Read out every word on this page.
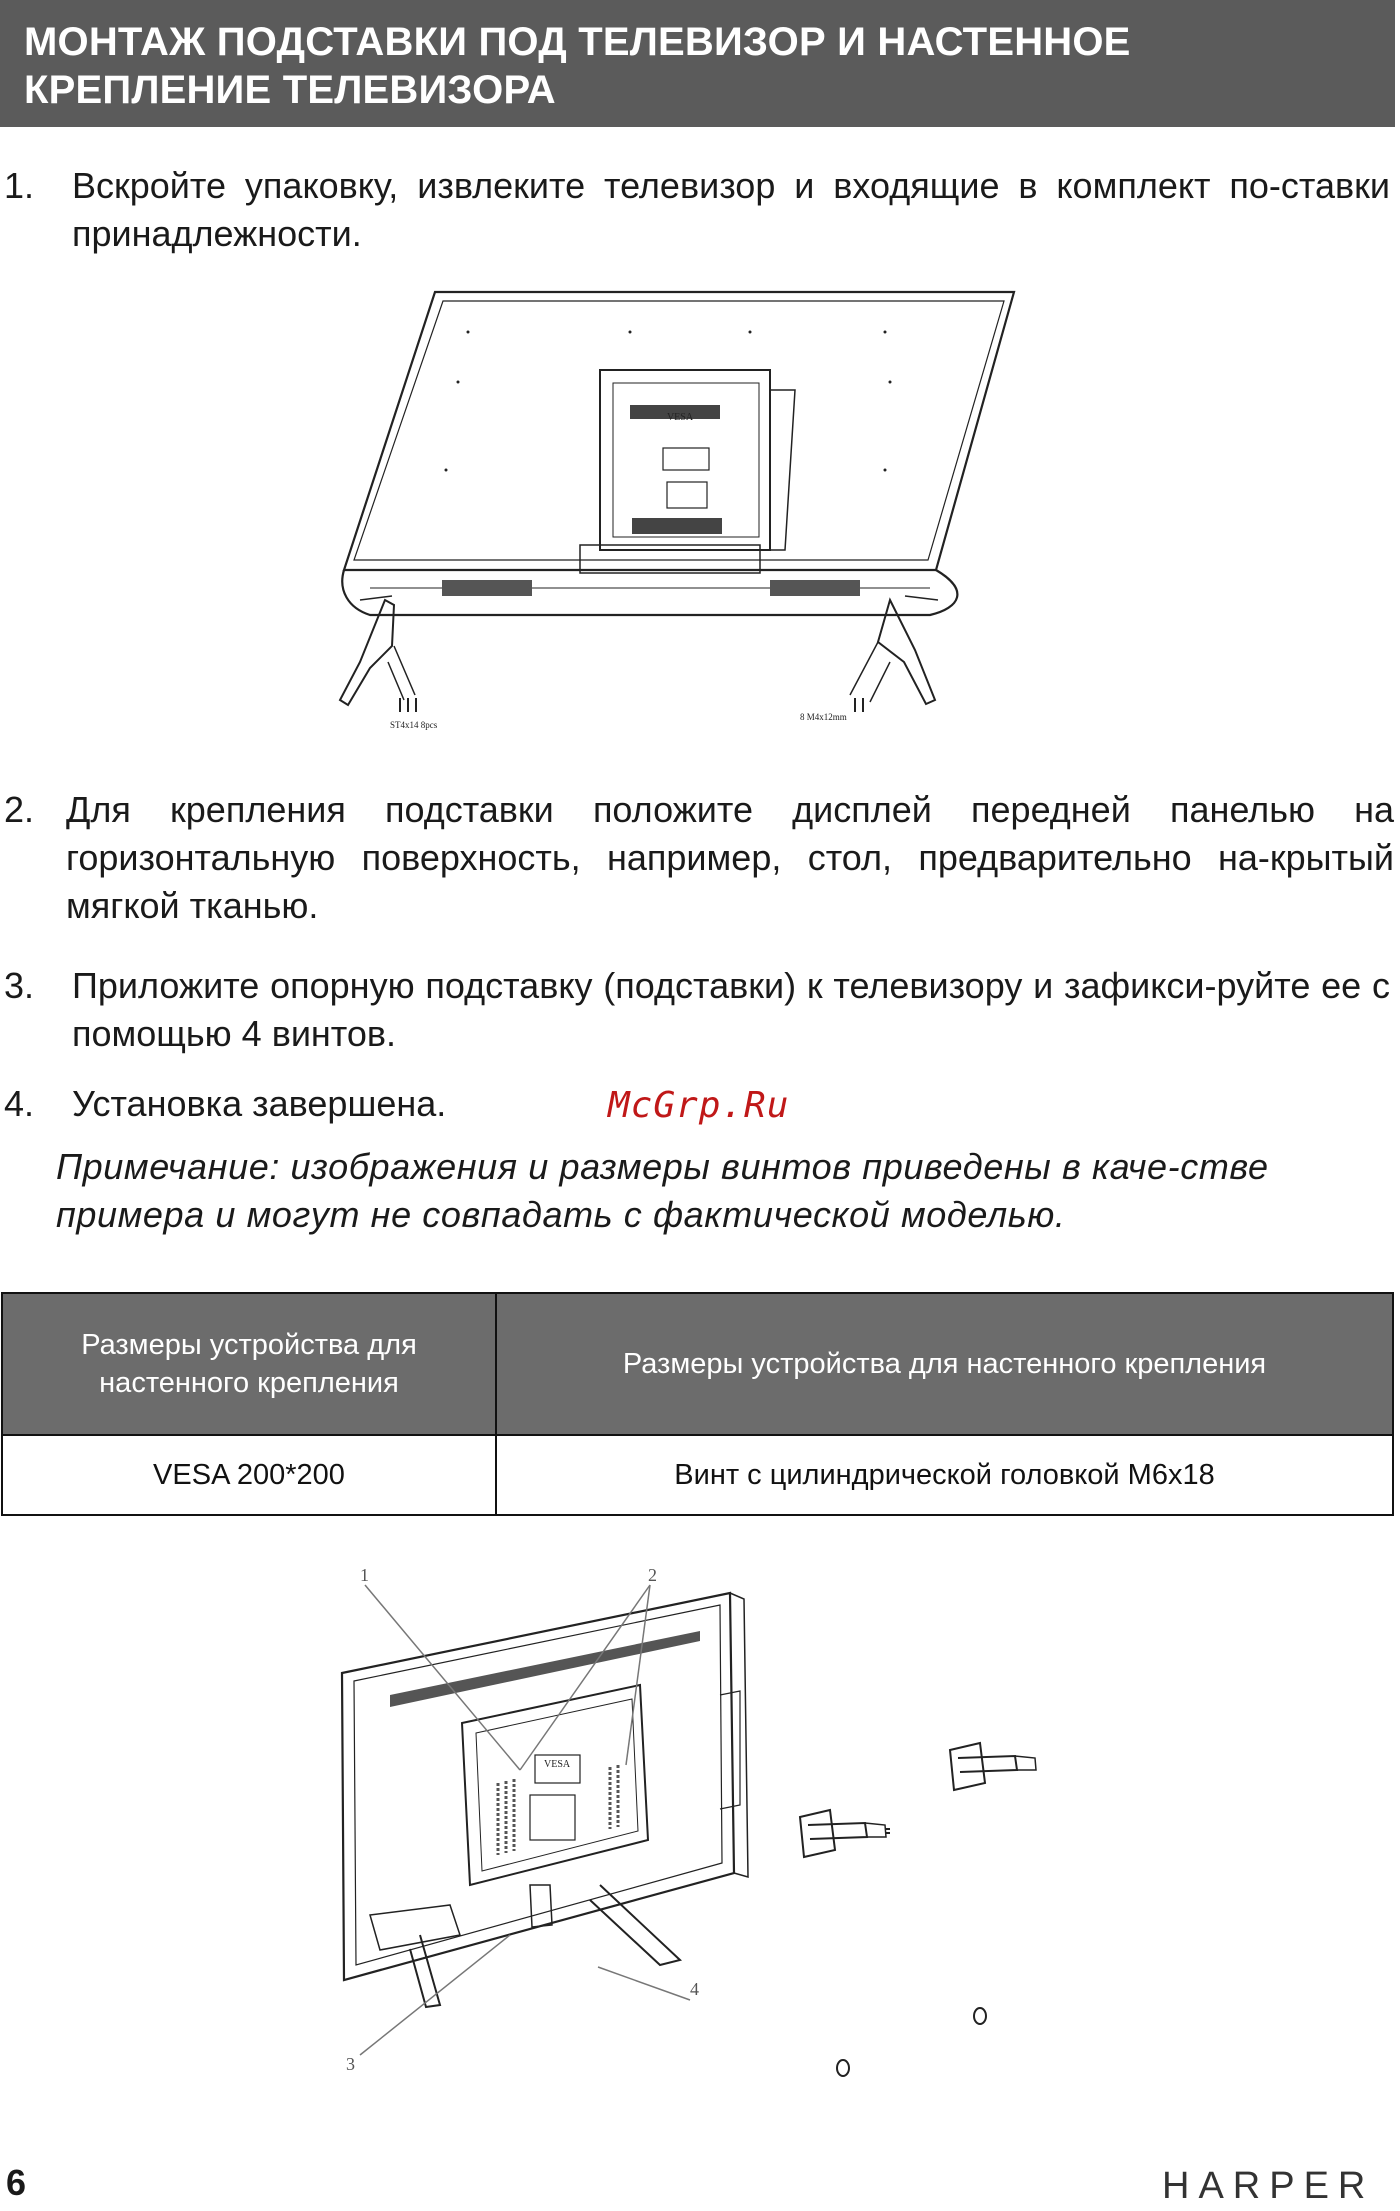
МОНТАЖ ПОДСТАВКИ ПОД ТЕЛЕВИЗОР И НАСТЕННОЕ
КРЕПЛЕНИЕ ТЕЛЕВИЗОРА
1. Вскройте упаковку, извлеките телевизор и входящие в комплект по-ставки принадлежности.
VESA
ST4x14 8pcs
8 M4x12mm
2. Для крепления подставки положите дисплей передней панелью на горизонтальную поверхность, например, стол, предварительно на-крытый мягкой тканью.
3. Приложите опорную подставку (подставки) к телевизору и зафикси-руйте ее с помощью 4 винтов.
4. Установка завершена.	McGrp.Ru
Примечание: изображения и размеры винтов приведены в каче-стве примера и могут не совпадать с фактической моделью.
Размеры устройства для настенного крепления	Размеры устройства для настенного крепления
VESA 200*200	Винт с цилиндрической головкой M6x18
1	2
3
4
VESA
6	HARPER
